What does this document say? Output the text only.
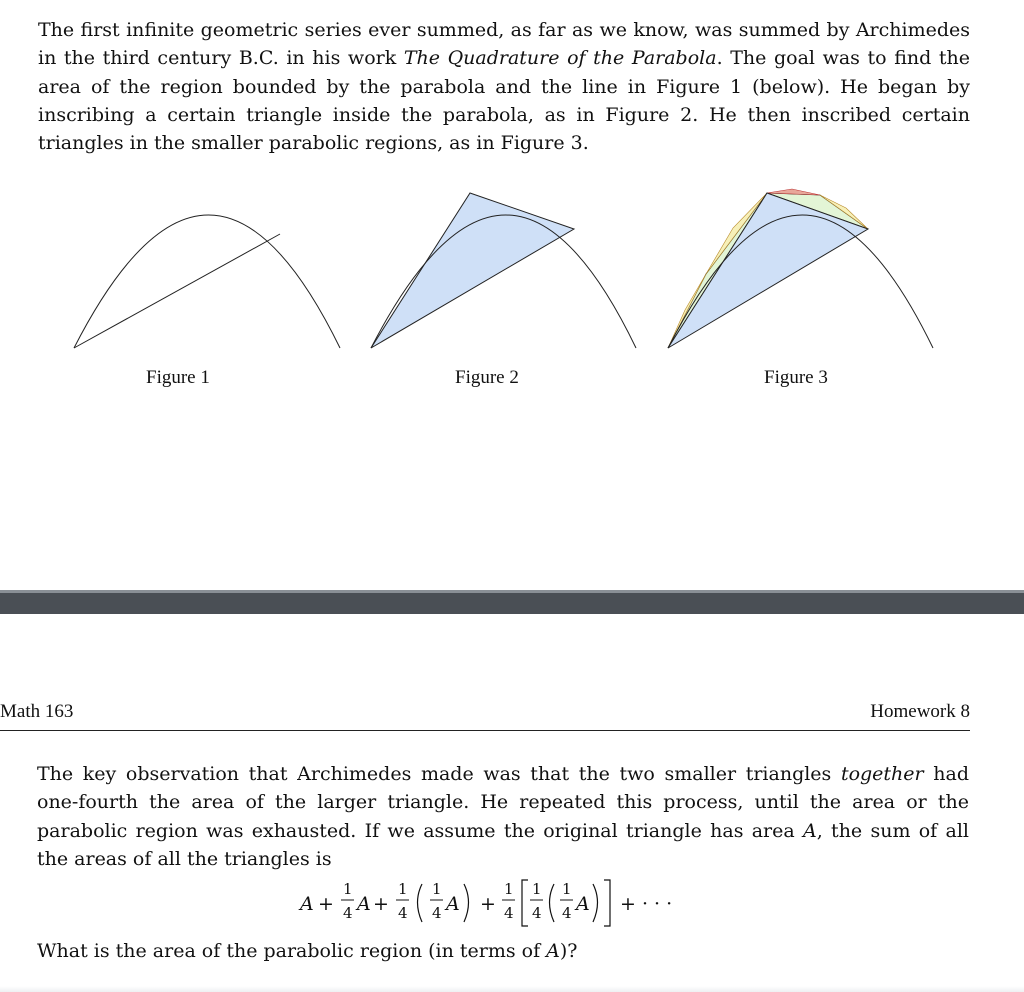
The first infinite geometric series ever summed, as far as we know, was summed by Archimedes in the third century B.C. in his work The Quadrature of the Parabola. The goal was to find the area of the region bounded by the parabola and the line in Figure 1 (below). He began by inscribing a certain triangle inside the parabola, as in Figure 2. He then inscribed certain triangles in the smaller parabolic regions, as in Figure 3.

Figure 1	Figure 2	Figure 3
Math 163	Homework 8

The key observation that Archimedes made was that the two smaller triangles together had one-fourth the area of the larger triangle. He repeated this process, until the area or the parabolic region was exhausted. If we assume the original triangle has area A, the sum of all the areas of all the triangles is

A +
1
4 A +
1
4
1
4 A +
1
4
1
4
1
4 A + · · ·
What is the area of the parabolic region (in terms of A)?
